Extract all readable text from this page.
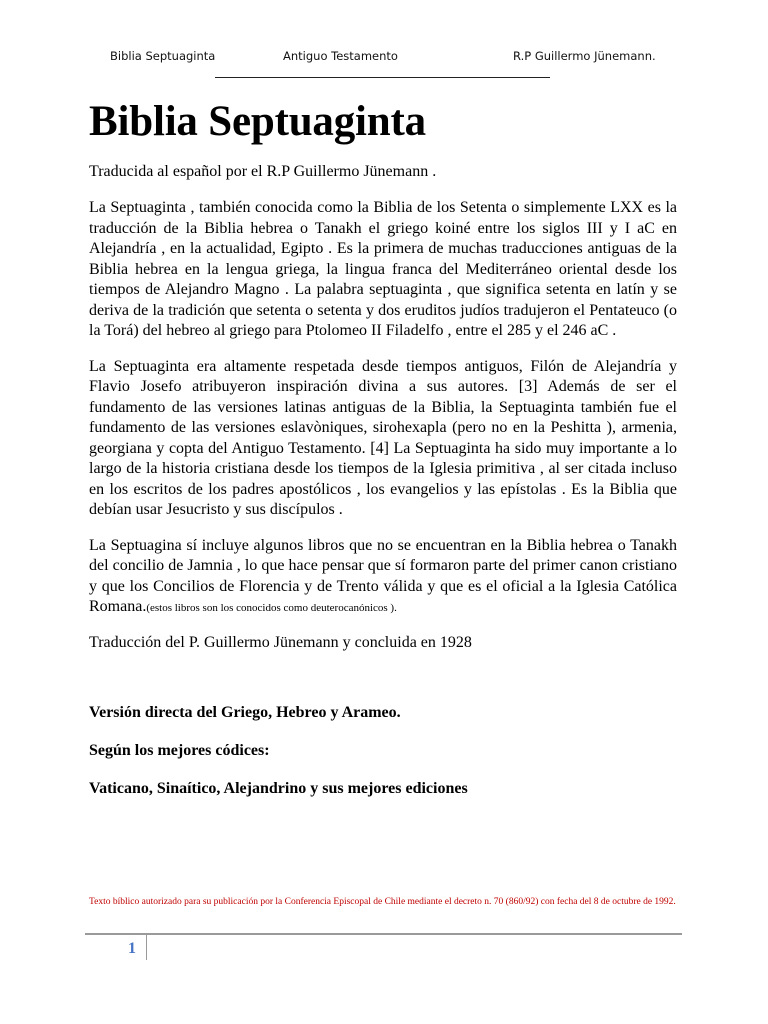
Biblia Septuaginta	Antiguo Testamento	R.P Guillermo Jünemann.
Biblia Septuaginta

Traducida al español por el R.P Guillermo Jünemann .

La Septuaginta , también conocida como la Biblia de los Setenta o simplemente LXX es la traducción de la Biblia hebrea o Tanakh el griego koiné entre los siglos III y I aC en Alejandría , en la actualidad, Egipto . Es la primera de muchas traducciones antiguas de la Biblia hebrea en la lengua griega, la lingua franca del Mediterráneo oriental desde los tiempos de Alejandro Magno . La palabra septuaginta , que significa setenta en latín y se deriva de la tradición que setenta o setenta y dos eruditos judíos tradujeron el Pentateuco (o la Torá) del hebreo al griego para Ptolomeo II Filadelfo , entre el 285 y el 246 aC .

La Septuaginta era altamente respetada desde tiempos antiguos, Filón de Alejandría y Flavio Josefo atribuyeron inspiración divina a sus autores. [3] Además de ser el fundamento de las versiones latinas antiguas de la Biblia, la Septuaginta también fue el fundamento de las versiones eslavòniques, sirohexapla (pero no en la Peshitta ), armenia, georgiana y copta del Antiguo Testamento. [4] La Septuaginta ha sido muy importante a lo largo de la historia cristiana desde los tiempos de la Iglesia primitiva , al ser citada incluso en los escritos de los padres apostólicos , los evangelios y las epístolas . Es la Biblia que debían usar Jesucristo y sus discípulos .

La Septuagina sí incluye algunos libros que no se encuentran en la Biblia hebrea o Tanakh del concilio de Jamnia , lo que hace pensar que sí formaron parte del primer canon cristiano y que los Concilios de Florencia y de Trento válida y que es el oficial a la Iglesia Católica Romana.(estos libros son los conocidos como deuterocanónicos ).

Traducción del P. Guillermo Jünemann y concluida en 1928

Versión directa del Griego, Hebreo y Arameo.

Según los mejores códices:

Vaticano, Sinaítico, Alejandrino y sus mejores ediciones

Texto bíblico autorizado para su publicación por la Conferencia Episcopal de Chile mediante el decreto n. 70 (860/92) con fecha del 8 de octubre de 1992.
1
